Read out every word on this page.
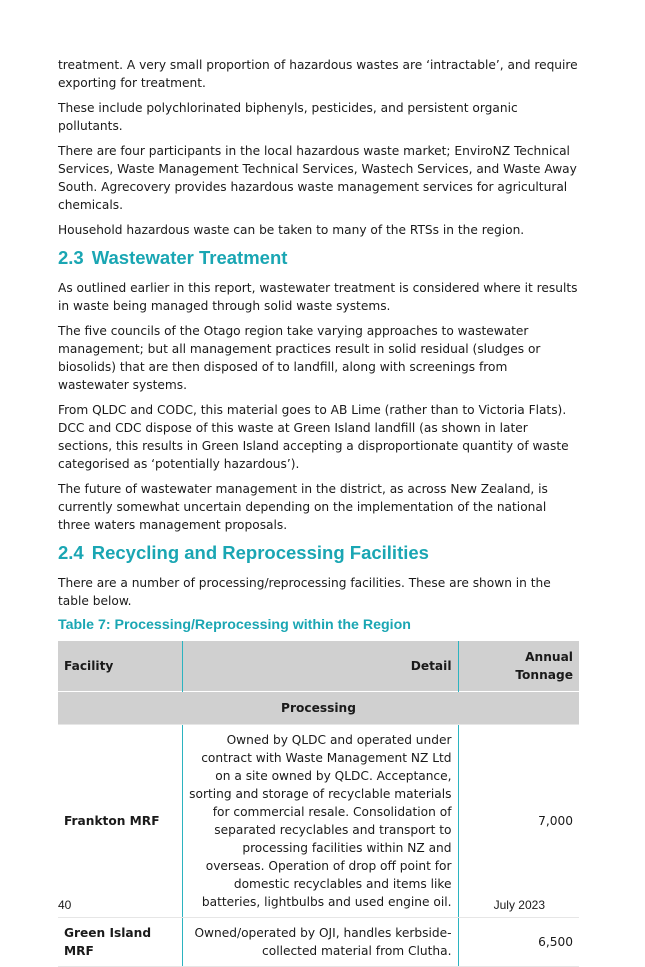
treatment. A very small proportion of hazardous wastes are ‘intractable’, and require exporting for treatment.

These include polychlorinated biphenyls, pesticides, and persistent organic pollutants.

There are four participants in the local hazardous waste market; EnviroNZ Technical Services, Waste Management Technical Services, Wastech Services, and Waste Away South. Agrecovery provides hazardous waste management services for agricultural chemicals.

Household hazardous waste can be taken to many of the RTSs in the region.

2.3 Wastewater Treatment

As outlined earlier in this report, wastewater treatment is considered where it results in waste being managed through solid waste systems.

The five councils of the Otago region take varying approaches to wastewater management; but all management practices result in solid residual (sludges or biosolids) that are then disposed of to landfill, along with screenings from wastewater systems.

From QLDC and CODC, this material goes to AB Lime (rather than to Victoria Flats). DCC and CDC dispose of this waste at Green Island landfill (as shown in later sections, this results in Green Island accepting a disproportionate quantity of waste categorised as ‘potentially hazardous’).

The future of wastewater management in the district, as across New Zealand, is currently somewhat uncertain depending on the implementation of the national three waters management proposals.

2.4 Recycling and Reprocessing Facilities

There are a number of processing/reprocessing facilities. These are shown in the table below.

Table 7: Processing/Reprocessing within the Region
Facility	Detail	Annual Tonnage
Processing		
Frankton MRF	Owned by QLDC and operated under contract with Waste Management NZ Ltd on a site owned by QLDC. Acceptance, sorting and storage of recyclable materials for commercial resale. Consolidation of separated recyclables and transport to processing facilities within NZ and overseas. Operation of drop off point for domestic recyclables and items like batteries, lightbulbs and used engine oil.	7,000
Green Island MRF	Owned/operated by OJI, handles kerbside-collected material from Clutha.	6,500
40	July 2023
